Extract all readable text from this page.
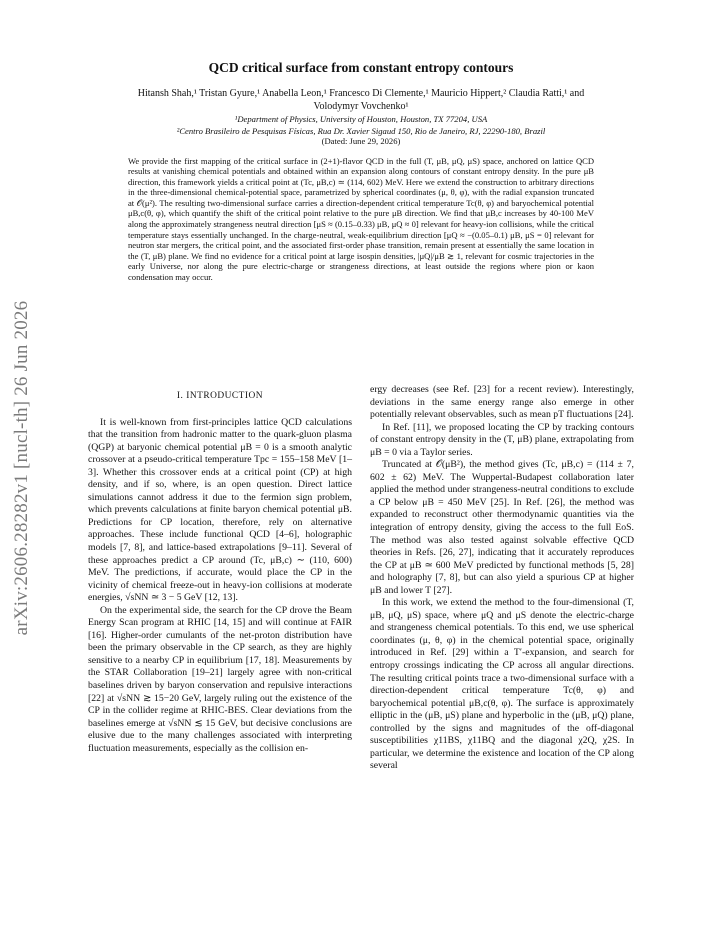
arXiv:2606.28282v1 [nucl-th] 26 Jun 2026
QCD critical surface from constant entropy contours
Hitansh Shah,¹ Tristan Gyure,¹ Anabella Leon,¹ Francesco Di Clemente,¹ Mauricio Hippert,² Claudia Ratti,¹ and Volodymyr Vovchenko¹
¹Department of Physics, University of Houston, Houston, TX 77204, USA
²Centro Brasileiro de Pesquisas Físicas, Rua Dr. Xavier Sigaud 150, Rio de Janeiro, RJ, 22290-180, Brazil
(Dated: June 29, 2026)
We provide the first mapping of the critical surface in (2+1)-flavor QCD in the full (T, μB, μQ, μS) space, anchored on lattice QCD results at vanishing chemical potentials and obtained within an expansion along contours of constant entropy density. In the pure μB direction, this framework yields a critical point at (Tc, μB,c) ≃ (114, 602) MeV. Here we extend the construction to arbitrary directions in the three-dimensional chemical-potential space, parametrized by spherical coordinates (μ, θ, φ), with the radial expansion truncated at 𝒪(μ²). The resulting two-dimensional surface carries a direction-dependent critical temperature Tc(θ, φ) and baryochemical potential μB,c(θ, φ), which quantify the shift of the critical point relative to the pure μB direction. We find that μB,c increases by 40-100 MeV along the approximately strangeness neutral direction [μS ≈ (0.15–0.33) μB, μQ ≈ 0] relevant for heavy-ion collisions, while the critical temperature stays essentially unchanged. In the charge-neutral, weak-equilibrium direction [μQ ≈ −(0.05–0.1) μB, μS = 0] relevant for neutron star mergers, the critical point, and the associated first-order phase transition, remain present at essentially the same location in the (T, μB) plane. We find no evidence for a critical point at large isospin densities, |μQ|/μB ≳ 1, relevant for cosmic trajectories in the early Universe, nor along the pure electric-charge or strangeness directions, at least outside the regions where pion or kaon condensation may occur.
I. INTRODUCTION

It is well-known from first-principles lattice QCD calculations that the transition from hadronic matter to the quark-gluon plasma (QGP) at baryonic chemical potential μB = 0 is a smooth analytic crossover at a pseudo-critical temperature Tpc = 155–158 MeV [1–3]. Whether this crossover ends at a critical point (CP) at high density, and if so, where, is an open question. Direct lattice simulations cannot address it due to the fermion sign problem, which prevents calculations at finite baryon chemical potential μB. Predictions for CP location, therefore, rely on alternative approaches. These include functional QCD [4–6], holographic models [7, 8], and lattice-based extrapolations [9–11]. Several of these approaches predict a CP around (Tc, μB,c) ∼ (110, 600) MeV. The predictions, if accurate, would place the CP in the vicinity of chemical freeze-out in heavy-ion collisions at moderate energies, √sNN ≃ 3 − 5 GeV [12, 13].

On the experimental side, the search for the CP drove the Beam Energy Scan program at RHIC [14, 15] and will continue at FAIR [16]. Higher-order cumulants of the net-proton distribution have been the primary observable in the CP search, as they are highly sensitive to a nearby CP in equilibrium [17, 18]. Measurements by the STAR Collaboration [19–21] largely agree with non-critical baselines driven by baryon conservation and repulsive interactions [22] at √sNN ≳ 15−20 GeV, largely ruling out the existence of the CP in the collider regime at RHIC-BES. Clear deviations from the baselines emerge at √sNN ≲ 15 GeV, but decisive conclusions are elusive due to the many challenges associated with interpreting fluctuation measurements, especially as the collision en-

ergy decreases (see Ref. [23] for a recent review). Interestingly, deviations in the same energy range also emerge in other potentially relevant observables, such as mean pT fluctuations [24].

In Ref. [11], we proposed locating the CP by tracking contours of constant entropy density in the (T, μB) plane, extrapolating from μB = 0 via a Taylor series.

Truncated at 𝒪(μB²), the method gives (Tc, μB,c) = (114 ± 7, 602 ± 62) MeV. The Wuppertal-Budapest collaboration later applied the method under strangeness-neutral conditions to exclude a CP below μB = 450 MeV [25]. In Ref. [26], the method was expanded to reconstruct other thermodynamic quantities via the integration of entropy density, giving the access to the full EoS. The method was also tested against solvable effective QCD theories in Refs. [26, 27], indicating that it accurately reproduces the CP at μB ≃ 600 MeV predicted by functional methods [5, 28] and holography [7, 8], but can also yield a spurious CP at higher μB and lower T [27].

In this work, we extend the method to the four-dimensional (T, μB, μQ, μS) space, where μQ and μS denote the electric-charge and strangeness chemical potentials. To this end, we use spherical coordinates (μ, θ, φ) in the chemical potential space, originally introduced in Ref. [29] within a T′-expansion, and search for entropy crossings indicating the CP across all angular directions. The resulting critical points trace a two-dimensional surface with a direction-dependent critical temperature Tc(θ, φ) and baryochemical potential μB,c(θ, φ). The surface is approximately elliptic in the (μB, μS) plane and hyperbolic in the (μB, μQ) plane, controlled by the signs and magnitudes of the off-diagonal susceptibilities χ11BS, χ11BQ and the diagonal χ2Q, χ2S. In particular, we determine the existence and location of the CP along several
